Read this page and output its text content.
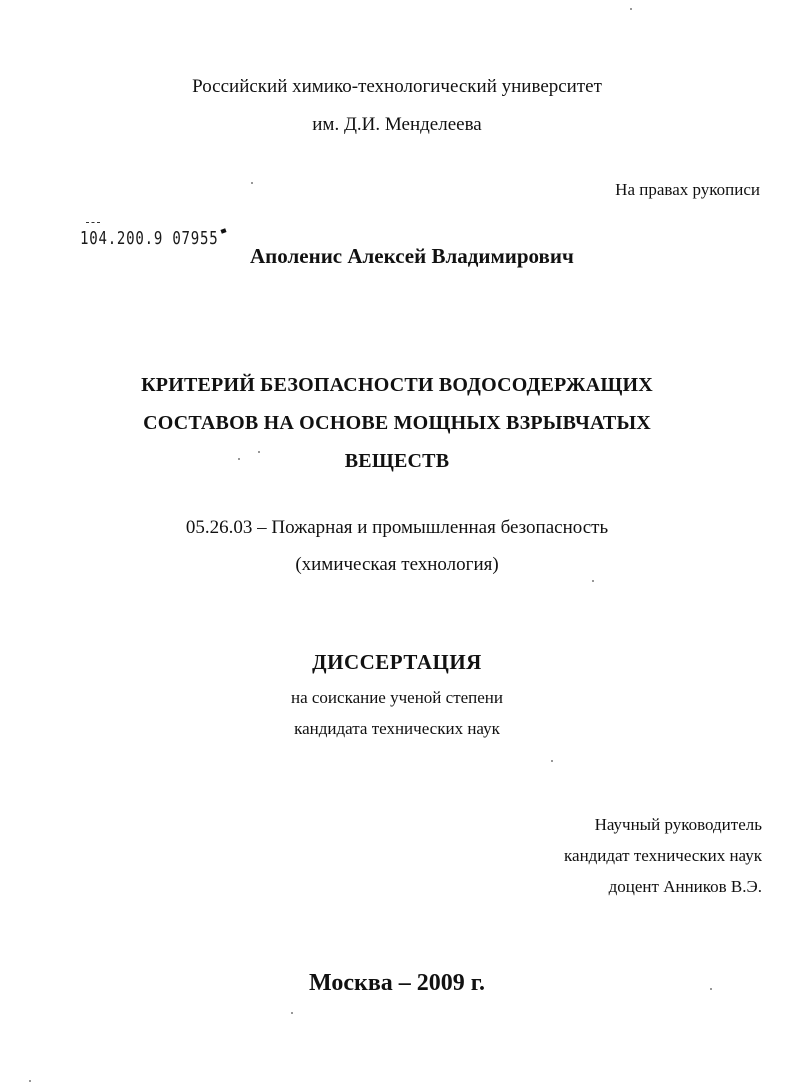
Российский химико-технологический университет
им. Д.И. Менделеева
На правах рукописи
104.200.9 07955
Аполенис Алексей Владимирович
КРИТЕРИЙ БЕЗОПАСНОСТИ ВОДОСОДЕРЖАЩИХ
СОСТАВОВ НА ОСНОВЕ МОЩНЫХ ВЗРЫВЧАТЫХ
ВЕЩЕСТВ
05.26.03 – Пожарная и промышленная безопасность
(химическая технология)
ДИССЕРТАЦИЯ
на соискание ученой степени
кандидата технических наук
Научный руководитель
кандидат технических наук
доцент Анников В.Э.
Москва – 2009 г.
